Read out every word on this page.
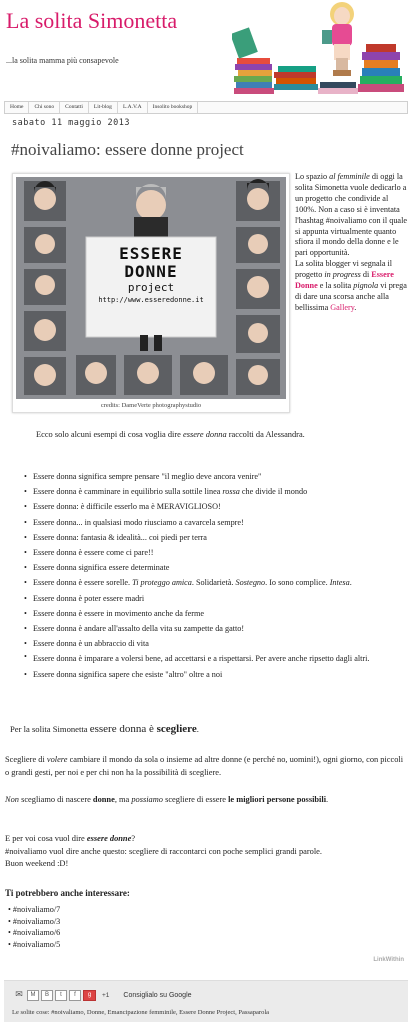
La solita Simonetta
...la solita mamma più consapevole
Home	Chi sono	Contatti	Lit-blog	L.A.V.A	Insolito bookshop
sabato 11 maggio 2013
#noivaliamo: essere donne project
ESSERE
DONNE
project
http://www.esseredonne.it
credits: DameVerte photographystudio
Lo spazio al femminile di oggi la solita Simonetta vuole dedicarlo a un progetto che condivide al 100%. Non a caso si è inventata l'hashtag #noivaliamo con il quale si appunta virtualmente quanto sfiora il mondo della donne e le pari opportunità.
La solita blogger vi segnala il progetto in progress di Essere Donne e la solita pignola vi prega di dare una scorsa anche alla bellissima Gallery.
Ecco solo alcuni esempi di cosa voglia dire essere donna raccolti da Alessandra.
• Essere donna significa sempre pensare "il meglio deve ancora venire"
• Essere donna è camminare in equilibrio sulla sottile linea rossa che divide il mondo
• Essere donna: è difficile esserlo ma è MERAVIGLIOSO!
• Essere donna... in qualsiasi modo riusciamo a cavarcela sempre!
• Essere donna: fantasia & idealità... coi piedi per terra
• Essere donna è essere come ci pare!!
• Essere donna significa essere determinate
• Essere donna è essere sorelle. Ti proteggo amica. Solidarietà. Sostegno. Io sono complice. Intesa.
• Essere donna è poter essere madri
• Essere donna è essere in movimento anche da ferme
• Essere donna è andare all'assalto della vita su zampette da gatto!
• Essere donna è un abbraccio di vita
• Essere donna è imparare a volersi bene, ad accettarsi e a rispettarsi. Per avere anche ripsetto dagli altri.
• Essere donna significa sapere che esiste "altro" oltre a noi
Per la solita Simonetta essere donna è scegliere.
Scegliere di volere cambiare il mondo da sola o insieme ad altre donne (e perché no, uomini!), ogni giorno, con piccoli o grandi gesti, per noi e per chi non ha la possibilità di scegliere.
Non scegliamo di nascere donne, ma possiamo scegliere di essere le migliori persone possibili.
E per voi cosa vuol dire essere donne?
#noivaliamo vuol dire anche questo: scegliere di raccontarci con poche semplici grandi parole.
Buon weekend :D!
Ti potrebbero anche interessare:
• #noivaliamo/7
• #noivaliamo/3
• #noivaliamo/6
• #noivaliamo/5
LinkWithin
✉	M	B	t	f	g	+1 Consiglialo su Google
Le solite cose: #noivaliamo, Donne, Emancipazione femminile, Essere Donne Project, Passaparola
